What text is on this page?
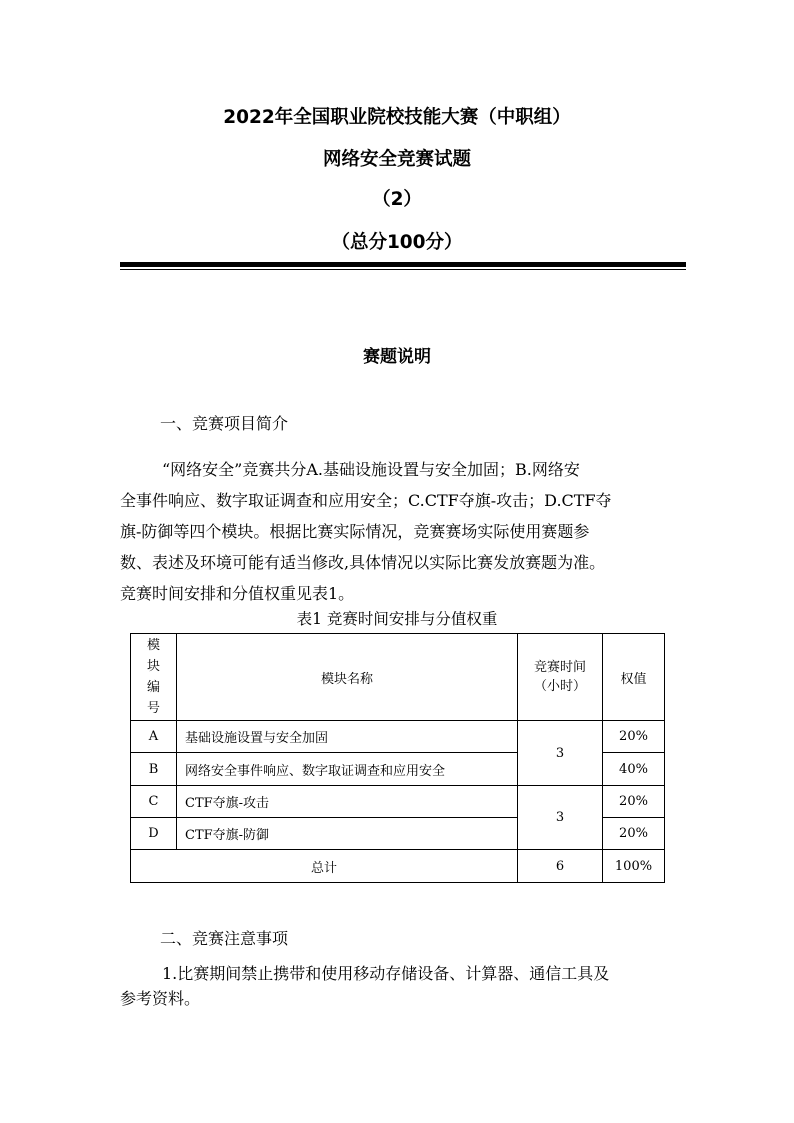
2022年全国职业院校技能大赛（中职组）
网络安全竞赛试题
（2）
（总分100分）
赛题说明
一、竞赛项目简介
“网络安全”竞赛共分A.基础设施设置与安全加固；B.网络安
全事件响应、数字取证调查和应用安全；C.CTF夺旗-攻击；D.CTF夺
旗-防御等四个模块。根据比赛实际情况，竞赛赛场实际使用赛题参
数、表述及环境可能有适当修改,具体情况以实际比赛发放赛题为准。
竞赛时间安排和分值权重见表1。
表1 竞赛时间安排与分值权重
模块编号	模块名称	竞赛时间（小时）	权值
A	基础设施设置与安全加固	3	20%
B	网络安全事件响应、数字取证调查和应用安全		40%
C	CTF夺旗-攻击	3	20%
D	CTF夺旗-防御		20%
总计		6	100%
二、竞赛注意事项
1.比赛期间禁止携带和使用移动存储设备、计算器、通信工具及
参考资料。
